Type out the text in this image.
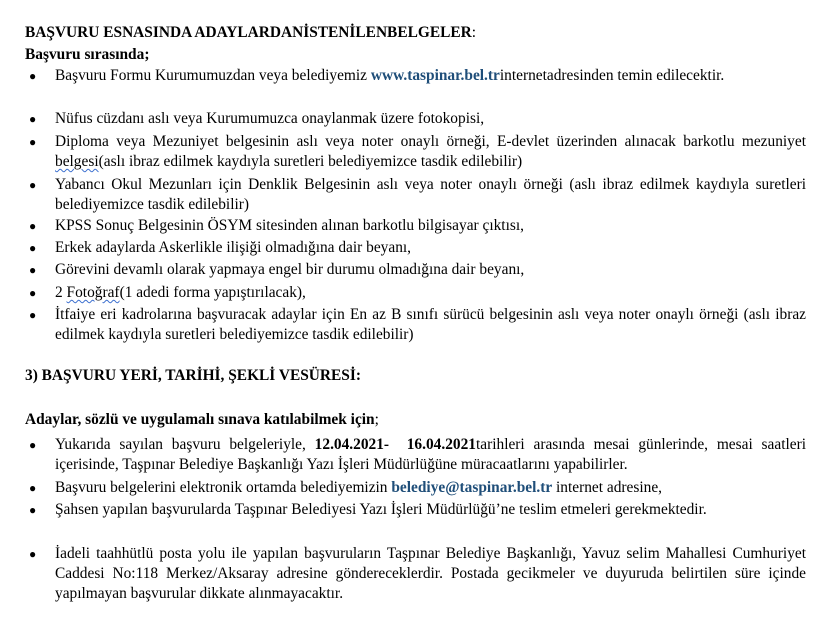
BAŞVURU ESNASINDA ADAYLARDANİSTENİLENBELGELER:
Başvuru sırasında;
● Başvuru Formu Kurumumuzdan veya belediyemiz www.taspinar.bel.trinternetadresinden temin edilecektir.
● Nüfus cüzdanı aslı veya Kurumumuzca onaylanmak üzere fotokopisi,
● Diploma veya Mezuniyet belgesinin aslı veya noter onaylı örneği, E-devlet üzerinden alınacak barkotlu mezuniyet belgesi(aslı ibraz edilmek kaydıyla suretleri belediyemizce tasdik edilebilir)
● Yabancı Okul Mezunları için Denklik Belgesinin aslı veya noter onaylı örneği (aslı ibraz edilmek kaydıyla suretleri belediyemizce tasdik edilebilir)
● KPSS Sonuç Belgesinin ÖSYM sitesinden alınan barkotlu bilgisayar çıktısı,
● Erkek adaylarda Askerlikle ilişiği olmadığına dair beyanı,
● Görevini devamlı olarak yapmaya engel bir durumu olmadığına dair beyanı,
● 2 Fotoğraf(1 adedi forma yapıştırılacak),
● İtfaiye eri kadrolarına başvuracak adaylar için En az B sınıfı sürücü belgesinin aslı veya noter onaylı örneği (aslı ibraz edilmek kaydıyla suretleri belediyemizce tasdik edilebilir)
3) BAŞVURU YERİ, TARİHİ, ŞEKLİ VESÜRESİ:
Adaylar, sözlü ve uygulamalı sınava katılabilmek için;
● Yukarıda sayılan başvuru belgeleriyle, 12.04.2021- 16.04.2021tarihleri arasında mesai günlerinde, mesai saatleri içerisinde, Taşpınar Belediye Başkanlığı Yazı İşleri Müdürlüğüne müracaatlarını yapabilirler.
● Başvuru belgelerini elektronik ortamda belediyemizin belediye@taspinar.bel.tr internet adresine,
● Şahsen yapılan başvurularda Taşpınar Belediyesi Yazı İşleri Müdürlüğü’ne teslim etmeleri gerekmektedir.
● İadeli taahhütlü posta yolu ile yapılan başvuruların Taşpınar Belediye Başkanlığı, Yavuz selim Mahallesi Cumhuriyet Caddesi No:118 Merkez/Aksaray adresine göndereceklerdir. Postada gecikmeler ve duyuruda belirtilen süre içinde yapılmayan başvurular dikkate alınmayacaktır.
